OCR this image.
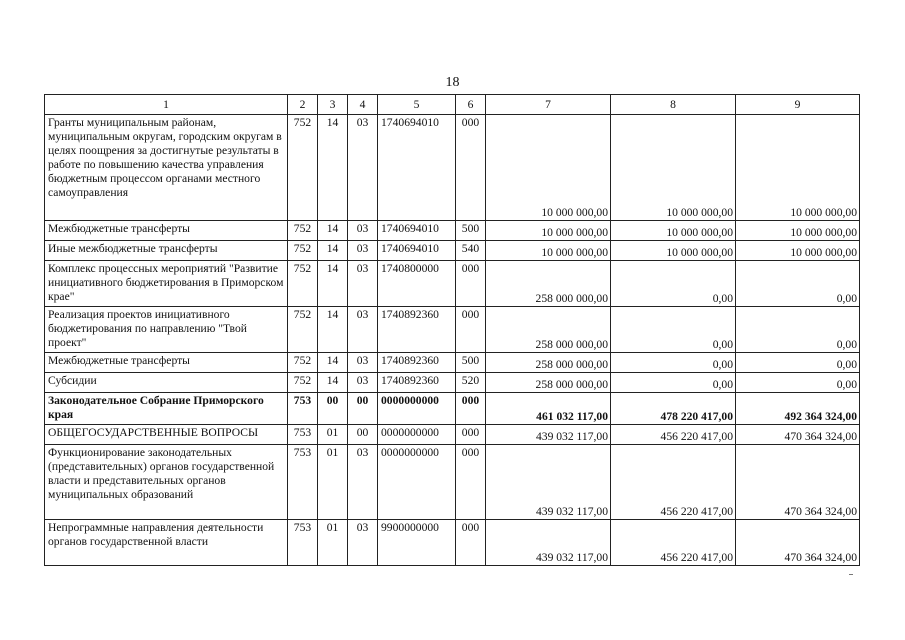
18
1	2	3	4	5	6	7	8	9
Гранты муниципальным районам, муниципальным округам, городским округам в целях поощрения за достигнутые результаты в работе по повышению качества управления бюджетным процессом органами местного самоуправления	752	14	03	1740694010	000	10 000 000,00	10 000 000,00	10 000 000,00
Межбюджетные трансферты	752	14	03	1740694010	500	10 000 000,00	10 000 000,00	10 000 000,00
Иные межбюджетные трансферты	752	14	03	1740694010	540	10 000 000,00	10 000 000,00	10 000 000,00
Комплекс процессных мероприятий "Развитие инициативного бюджетирования в Приморском крае"	752	14	03	1740800000	000	258 000 000,00	0,00	0,00
Реализация проектов инициативного бюджетирования по направлению "Твой проект"	752	14	03	1740892360	000	258 000 000,00	0,00	0,00
Межбюджетные трансферты	752	14	03	1740892360	500	258 000 000,00	0,00	0,00
Субсидии	752	14	03	1740892360	520	258 000 000,00	0,00	0,00
Законодательное Собрание Приморского края	753	00	00	0000000000	000	461 032 117,00	478 220 417,00	492 364 324,00
ОБЩЕГОСУДАРСТВЕННЫЕ ВОПРОСЫ	753	01	00	0000000000	000	439 032 117,00	456 220 417,00	470 364 324,00
Функционирование законодательных (представительных) органов государственной власти и представительных органов муниципальных образований	753	01	03	0000000000	000	439 032 117,00	456 220 417,00	470 364 324,00
Непрограммные направления деятельности органов государственной власти	753	01	03	9900000000	000	439 032 117,00	456 220 417,00	470 364 324,00
